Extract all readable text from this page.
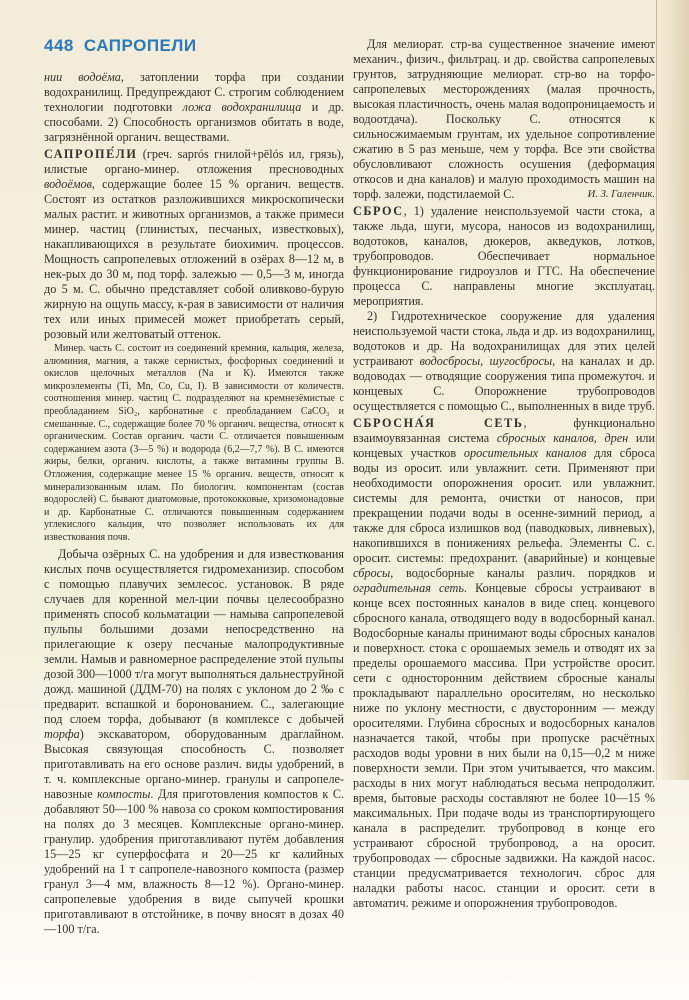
448 САПРОПЕЛИ

нии водоёма, затоплении торфа при создании водохранилищ. Предупреждают С. строгим соблюдением технологии подготовки ложа водохранилища и др. способами. 2) Способность организмов обитать в воде, загрязнённой органич. веществами.

САПРОПЕ́ЛИ (греч. saprós гнилой+pēlós ил, грязь), илистые органо-минер. отложения пресноводных водоёмов, содержащие более 15 % органич. веществ. Состоят из остатков разложившихся микроскопически малых растит. и животных организмов, а также примеси минер. частиц (глинистых, песчаных, известковых), накапливающихся в результате биохимич. процессов. Мощность сапропелевых отложений в озёрах 8—12 м, в нек-рых до 30 м, под торф. залежью — 0,5—3 м, иногда до 5 м. С. обычно представляет собой оливково-бурую жирную на ощупь массу, к-рая в зависимости от наличия тех или иных примесей может приобретать серый, розовый или желтоватый оттенок.

Минер. часть С. состоит из соединений кремния, кальция, железа, алюминия, магния, а также сернистых, фосфорных соединений и окислов щелочных металлов (Na и К). Имеются также микроэлементы (Ti, Mn, Co, Cu, I). В зависимости от количеств. соотношения минер. частиц С. подразделяют на кремнезёмистые с преобладанием SiO₂, карбонатные с преобладанием CaCO₃ и смешанные. С., содержащие более 70 % органич. вещества, относят к органическим. Состав органич. части С. отличается повышенным содержанием азота (3—5 %) и водорода (6,2—7,7 %). В С. имеются жиры, белки, органич. кислоты, а также витамины группы В. Отложения, содержащие менее 15 % органич. веществ, относят к минерализованным илам. По биологич. компонентам (состав водорослей) С. бывают диатомовые, протококковые, хризомонадовые и др. Карбонатные С. отличаются повышенным содержанием углекислого кальция, что позволяет использовать их для известкования почв.

Добыча озёрных С. на удобрения и для известкования кислых почв осуществляется гидромеханизир. способом с помощью плавучих землесос. установок. В ряде случаев для коренной мел-ции почвы целесообразно применять способ кольматации — намыва сапропелевой пульпы большими дозами непосредственно на прилегающие к озеру песчаные малопродуктивные земли. Намыв и равномерное распределение этой пульпы дозой 300—1000 т/га могут выполняться дальнеструйной дожд. машиной (ДДМ-70) на полях с уклоном до 2 ‰ с предварит. вспашкой и боронованием. С., залегающие под слоем торфа, добывают (в комплексе с добычей торфа) экскаватором, оборудованным драглайном. Высокая связующая способность С. позволяет приготавливать на его основе различ. виды удобрений, в т. ч. комплексные органо-минер. гранулы и сапропеле-навозные компосты. Для приготовления компостов к С. добавляют 50—100 % навоза со сроком компостирования на полях до 3 месяцев. Комплексные органо-минер. гранулир. удобрения приготавливают путём добавления 15—25 кг суперфосфата и 20—25 кг калийных удобрений на 1 т сапропеле-навозного компоста (размер гранул 3—4 мм, влажность 8—12 %). Органо-минер. сапропелевые удобрения в виде сыпучей крошки приготавливают в отстойнике, в почву вносят в дозах 40—100 т/га.

Для мелиорат. стр-ва существенное значение имеют механич., физич., фильтрац. и др. свойства сапропелевых грунтов, затрудняющие мелиорат. стр-во на торфо-сапропелевых месторождениях (малая прочность, высокая пластичность, очень малая водопроницаемость и водоотдача). Поскольку С. относятся к сильносжимаемым грунтам, их удельное сопротивление сжатию в 5 раз меньше, чем у торфа. Все эти свойства обусловливают сложность осушения (деформация откосов и дна каналов) и малую проходимость машин на торф. залежи, подстилаемой С.	И. З. Галенчик.

СБРОС, 1) удаление неиспользуемой части стока, а также льда, шуги, мусора, наносов из водохранилищ, водотоков, каналов, дюкеров, акведуков, лотков, трубопроводов. Обеспечивает нормальное функционирование гидроузлов и ГТС. На обеспечение процесса С. направлены многие эксплуатац. мероприятия.

2) Гидротехническое сооружение для удаления неиспользуемой части стока, льда и др. из водохранилищ, водотоков и др. На водохранилищах для этих целей устраивают водосбросы, шугосбросы, на каналах и др. водоводах — отводящие сооружения типа промежуточ. и концевых С. Опорожнение трубопроводов осуществляется с помощью С., выполненных в виде труб.

СБРОСНА́Я СЕТЬ, функционально взаимоувязанная система сбросных каналов, дрен или концевых участков оросительных каналов для сброса воды из оросит. или увлажнит. сети. Применяют при необходимости опорожнения оросит. или увлажнит. системы для ремонта, очистки от наносов, при прекращении подачи воды в осенне-зимний период, а также для сброса излишков вод (паводковых, ливневых), накопившихся в понижениях рельефа. Элементы С. с. оросит. системы: предохранит. (аварийные) и концевые сбросы, водосборные каналы различ. порядков и оградительная сеть. Концевые сбросы устраивают в конце всех постоянных каналов в виде спец. концевого сбросного канала, отводящего воду в водосборный канал. Водосборные каналы принимают воды сбросных каналов и поверхност. стока с орошаемых земель и отводят их за пределы орошаемого массива. При устройстве оросит. сети с односторонним действием сбросные каналы прокладывают параллельно оросителям, но несколько ниже по уклону местности, с двусторонним — между оросителями. Глубина сбросных и водосборных каналов назначается такой, чтобы при пропуске расчётных расходов воды уровни в них были на 0,15—0,2 м ниже поверхности земли. При этом учитывается, что максим. расходы в них могут наблюдаться весьма непродолжит. время, бытовые расходы составляют не более 10—15 % максимальных. При подаче воды из транспортирующего канала в распределит. трубопровод в конце его устраивают сбросной трубопровод, а на оросит. трубопроводах — сбросные задвижки. На каждой насос. станции предусматривается технологич. сброс для наладки работы насос. станции и оросит. сети в автоматич. режиме и опорожнения трубопроводов.
